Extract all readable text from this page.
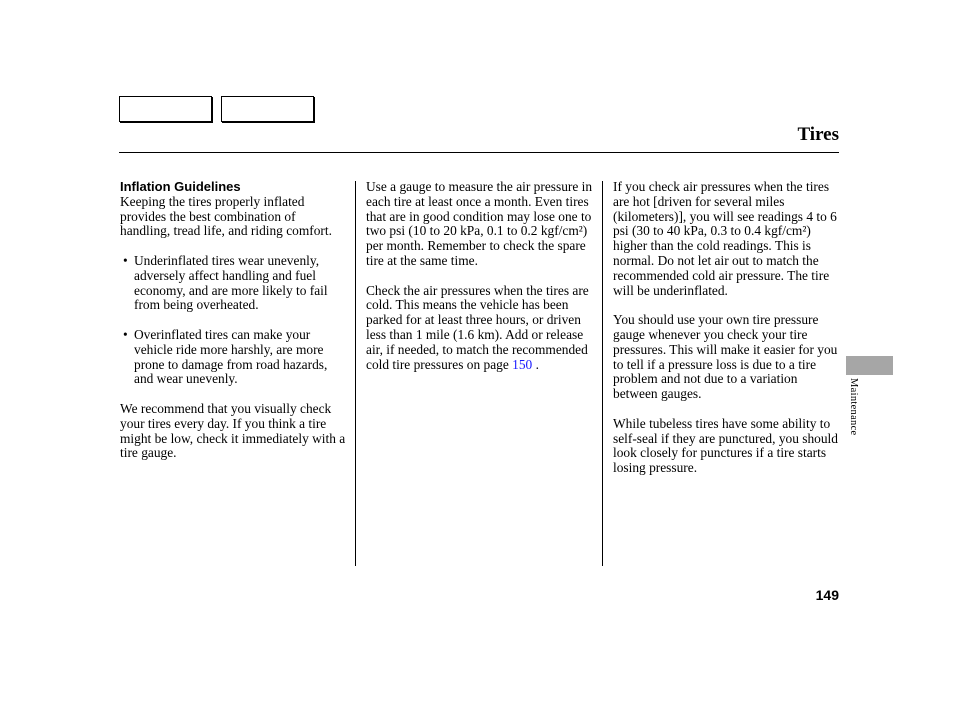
Tires
Inflation Guidelines

Keeping the tires properly inflated provides the best combination of handling, tread life, and riding comfort.

• Underinflated tires wear unevenly, adversely affect handling and fuel economy, and are more likely to fail from being overheated.
• Overinflated tires can make your vehicle ride more harshly, are more prone to damage from road hazards, and wear unevenly.

We recommend that you visually check your tires every day. If you think a tire might be low, check it immediately with a tire gauge.

Use a gauge to measure the air pressure in each tire at least once a month. Even tires that are in good condition may lose one to two psi (10 to 20 kPa, 0.1 to 0.2 kgf/cm²) per month. Remember to check the spare tire at the same time.

Check the air pressures when the tires are cold. This means the vehicle has been parked for at least three hours, or driven less than 1 mile (1.6 km). Add or release air, if needed, to match the recommended cold tire pressures on page 150 .

If you check air pressures when the tires are hot [driven for several miles (kilometers)], you will see readings 4 to 6 psi (30 to 40 kPa, 0.3 to 0.4 kgf/cm²) higher than the cold readings. This is normal. Do not let air out to match the recommended cold air pressure. The tire will be underinflated.

You should use your own tire pressure gauge whenever you check your tire pressures. This will make it easier for you to tell if a pressure loss is due to a tire problem and not due to a variation between gauges.

While tubeless tires have some ability to self-seal if they are punctured, you should look closely for punctures if a tire starts losing pressure.

Maintenance
149
